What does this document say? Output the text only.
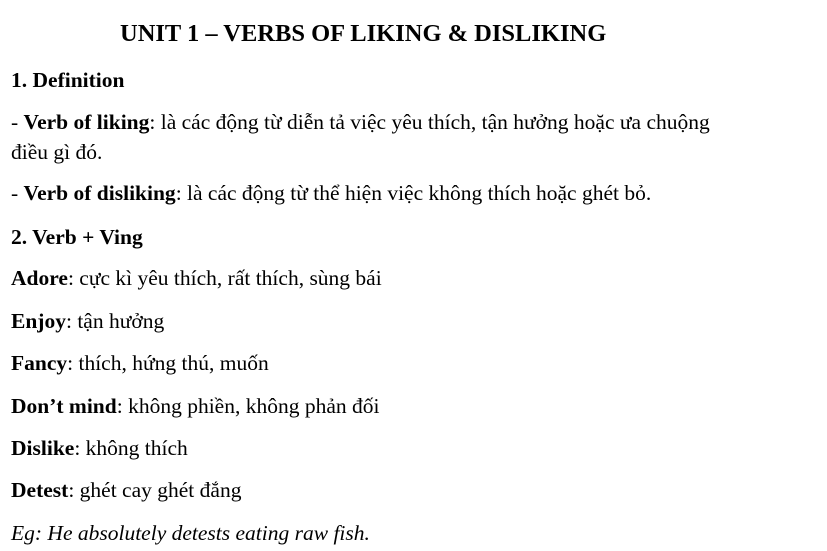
UNIT 1 – VERBS OF LIKING & DISLIKING
1. Definition
- Verb of liking: là các động từ diễn tả việc yêu thích, tận hưởng hoặc ưa chuộng
điều gì đó.
- Verb of disliking: là các động từ thể hiện việc không thích hoặc ghét bỏ.
2. Verb + Ving
Adore: cực kì yêu thích, rất thích, sùng bái
Enjoy: tận hưởng
Fancy: thích, hứng thú, muốn
Don’t mind: không phiền, không phản đối
Dislike: không thích
Detest: ghét cay ghét đắng
Eg: He absolutely detests eating raw fish.
